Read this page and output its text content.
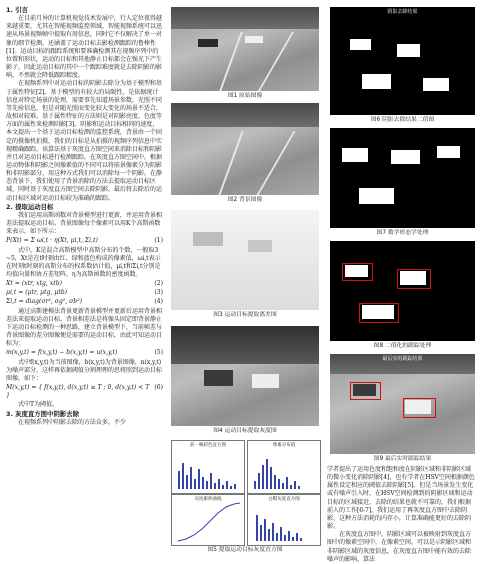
1. 引言

在目前月异的计算机视觉技术发展中，行人定位夜得越来越重要，尤其在智能视频监控领域，智能视频系统可以迅速从场景视频帧中提取有用信息，同时它不仅解决了单一对象的细节检测，还涵盖了运动目标去影检测跟踪的鲁棒性[1]。运动目标的跟踪系统和要准确检测其在视频序列中的位置和形状，运动的目标和其他静止目标都会在强光下产生影子，因此运动目标的其中一个跟踪难度就是去除阴影的影响，不然就会降低跟踪精度。

在视频系列中对运动目标的阴影去除分为基于模型和基于属性特征[2]。基于模型的有较大的局限性，是依据统计信息对特定场景的处理，需要事先知道场景参数，光照不同等先验信息，但是对随光照而变化较大变化的场景不适合，故相对较难。基于属性特征的方法则是对阴影亮度、色度等方面的属性来检测阴影[3]。阴影和运动目标相同的速度，本文提出一个基于运动目标检测的监控系统，背景由一个固定的摄像机拍摄，我们的目标是从拍摄的视频序列信息中实现精确跟踪，该算法基于灰度直方图空间来消除目标和阴影并且对运动目标进行检测跟踪。在灰度直方图空间中，根据运动物体和阴影之间像素值的不同可以将前景像素分为阴影和非阴影部分，用这种方式我们可以消除每一个阴影。在静态背景下，我们使用了背景消除的方法去提取运动目标区域，同时基于灰度直方图空间去除阴影，最后将去除后的运动目标区域对运动目标较为准确的跟踪。

2. 提取运动目标

我们运用高斯函数对背景模型进行更新，并运用背景相差法提取运动目标。背景图像每个像素可以用K个高斯函数来表示，如下所示：

P(Xt) = Σ ωi,t · η(Xt, μi,t, Σi,t)	(1)

式中，K是混合高斯模型中高斯分布的个数，一般取3~5，Xt是在t时刻由红、绿和蓝色构成的像素值，ωi,t表示在时刻t时刻的高斯分布的权系数估计值，μi,t和Σi,t分别是均值向量和协方差矩阵，η为高斯函数的密度函数。

Xt = (xtr, xtg, xtb)	(2)
μi,t = (μtr, μtg, μtb)	(3)
Σi,t = diag(σr², σg², σb²)	(4)

通过高斯建模法背景更新背景模型并更新后运用背景相差法来提取运动目标，背景相差法是将像头固定即背景静止下运动目标检测的一种思路，建立背景模型下，当前帧差与背景图像的差分图像便是需要的运动目标，由此可知运动目标为：

m(x,y,t) = f(x,y,t) − b(x,y,t) = u(x,y,t)	(5)

式中f(x,y,t)为当前图像，b(x,y,t)为背景图像，n(x,y,t)为噪声部分，这样再依据阈值分割理理的思将照到运动目标图像，如下：

M(x,y,t) = { f(x,y,t), d(x,y,t) ≥ T ; 0, d(x,y,t) < T }
(6)

式中T为阈值。

3. 灰度直方图中阴影去除

在视频系列中阴影去除的方法众多，不少

图1 原始图像
图2 背景图像
图3 运动目标提取离差图
图4 运动目标提取灰度图
前一帧彩色直方图	像素分布值
灰度累积曲线	白帽灰度直方图
图5 提取运动目标灰度直方图
阴影去除结果
图6 阴影去除结果二值图
图7 数学形态学处理
图8 二值化的跟踪处理
最后实时跟踪结果
图9 最后实时跟踪结果

学者提出了运用色度和饱和度在阴影区域和非阴影区域的微小变化消除阴影[4]，也有学者在HSV空间根据颜色属性设定相应的阈值去除阴影[5]。但是当场景发生变化或有噪声引入时，在HSV空间检测到的阴影区域和运动目标的区域接近，去除的结果也就不可靠的，我们根据前人的工作[6-7]，我们运用了再灰度直方图中去除阴影，这种方法消耗的内存小，计算准确能更好的去除阴影。

在灰度直方图中，阴影区域可以被映射到灰度直方图中的像素空间中，在像素空间，可以是示阴影区域和非阴影区域的灰度信息，在灰度直方图中能有效的去除噪声的影响。算法
